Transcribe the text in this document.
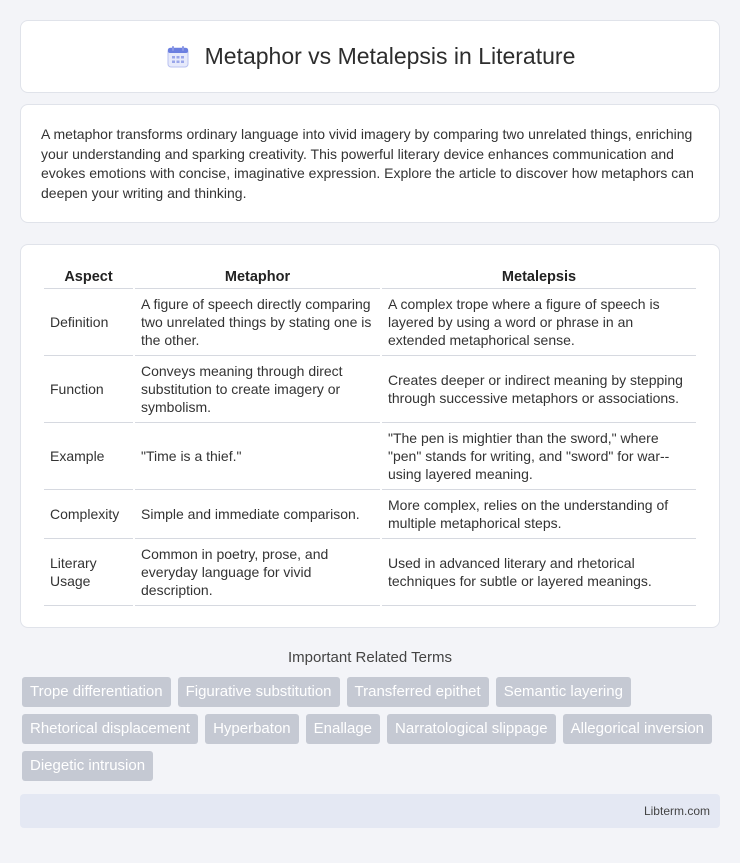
Metaphor vs Metalepsis in Literature

A metaphor transforms ordinary language into vivid imagery by comparing two unrelated things, enriching your understanding and sparking creativity. This powerful literary device enhances communication and evokes emotions with concise, imaginative expression. Explore the article to discover how metaphors can deepen your writing and thinking.

Aspect	Metaphor	Metalepsis
Definition	A figure of speech directly comparing two unrelated things by stating one is the other.	A complex trope where a figure of speech is layered by using a word or phrase in an extended metaphorical sense.
Function	Conveys meaning through direct substitution to create imagery or symbolism.	Creates deeper or indirect meaning by stepping through successive metaphors or associations.
Example	"Time is a thief."	"The pen is mightier than the sword," where "pen" stands for writing, and "sword" for war--using layered meaning.
Complexity	Simple and immediate comparison.	More complex, relies on the understanding of multiple metaphorical steps.
Literary Usage	Common in poetry, prose, and everyday language for vivid description.	Used in advanced literary and rhetorical techniques for subtle or layered meanings.
Important Related Terms
Trope differentiation	Figurative substitution	Transferred epithet	Semantic layering
Rhetorical displacement	Hyperbaton	Enallage	Narratological slippage	Allegorical inversion
Diegetic intrusion
Libterm.com
